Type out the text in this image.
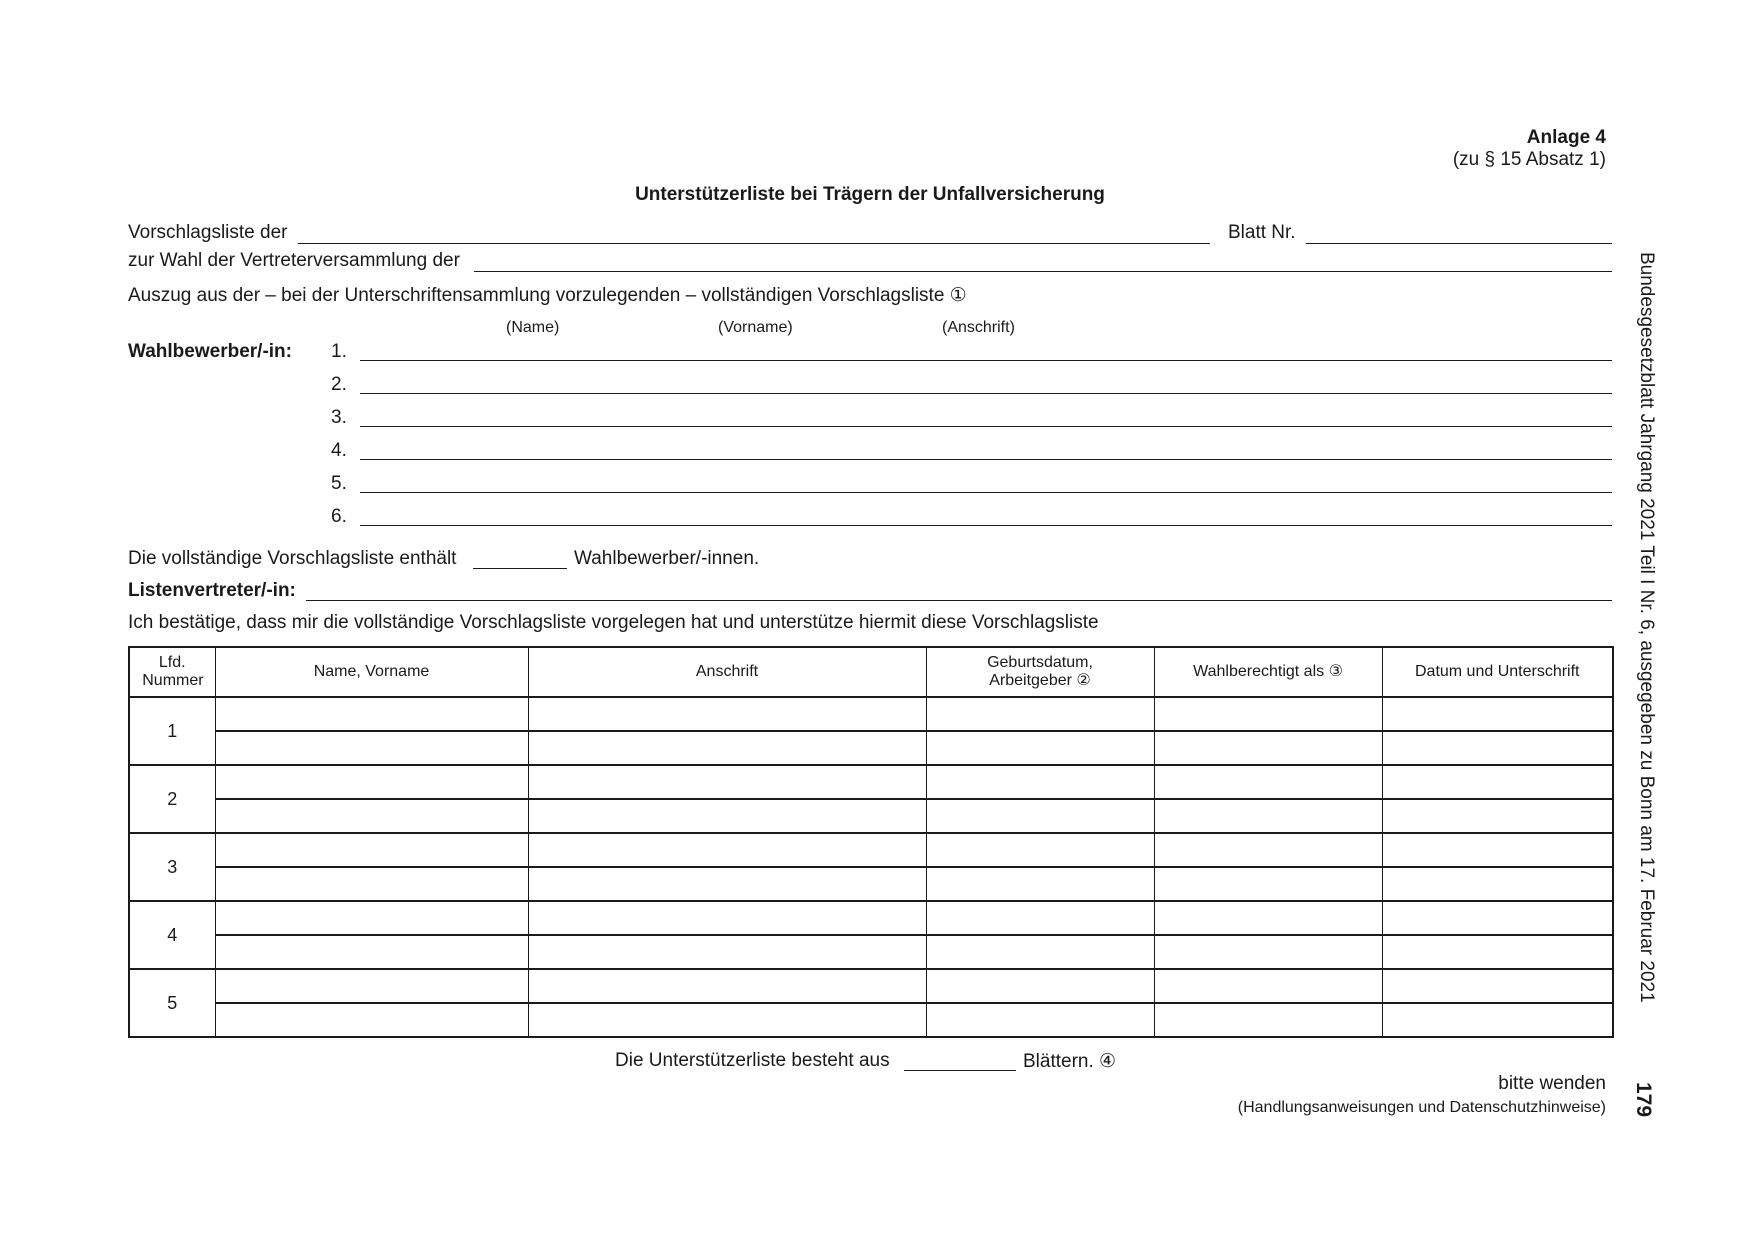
Anlage 4
(zu § 15 Absatz 1)
Unterstützerliste bei Trägern der Unfallversicherung
Vorschlagsliste der	Blatt Nr.
zur Wahl der Vertreterversammlung der
Auszug aus der – bei der Unterschriftensammlung vorzulegenden – vollständigen Vorschlagsliste ①
(Name)	(Vorname)	(Anschrift)
Wahlbewerber/-in: 1.
2.
3.
4.
5.
6.
Die vollständige Vorschlagsliste enthält	Wahlbewerber/-innen.
Listenvertreter/-in:
Ich bestätige, dass mir die vollständige Vorschlagsliste vorgelegen hat und unterstütze hiermit diese Vorschlagsliste
Lfd. Nummer	Name, Vorname	Anschrift	Geburtsdatum, Arbeitgeber ②	Wahlberechtigt als ③	Datum und Unterschrift
1					

2					

3					

4					

5					

Die Unterstützerliste besteht aus	Blättern. ④
bitte wenden
(Handlungsanweisungen und Datenschutzhinweise)
Bundesgesetzblatt Jahrgang 2021 Teil I Nr. 6, ausgegeben zu Bonn am 17. Februar 2021
179
